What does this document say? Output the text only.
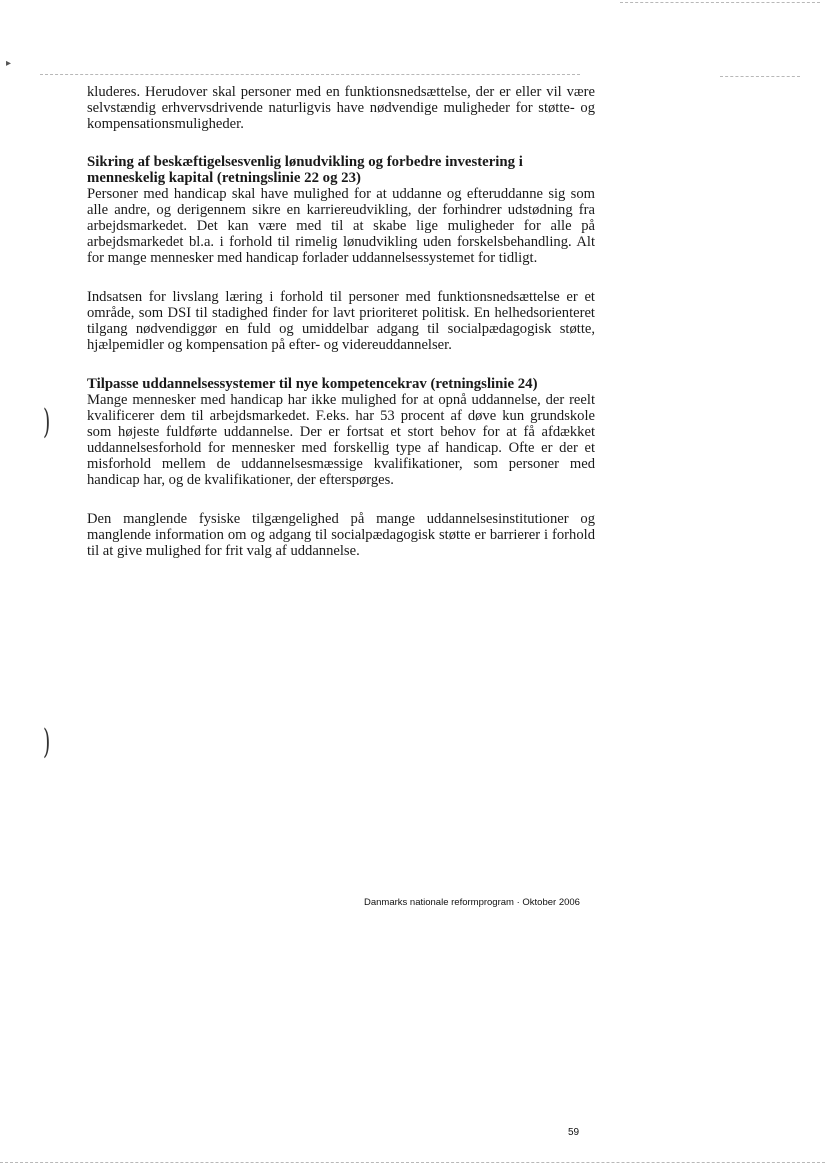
▸
)
)

kluderes. Herudover skal personer med en funktionsnedsættelse, der er eller vil være selvstændig erhvervsdrivende naturligvis have nødvendige muligheder for støtte- og kompensationsmuligheder.

Sikring af beskæftigelsesvenlig lønudvikling og forbedre investering i menneskelig kapital (retningslinie 22 og 23)

Personer med handicap skal have mulighed for at uddanne og efteruddanne sig som alle andre, og derigennem sikre en karriereudvikling, der forhindrer udstødning fra arbejdsmarkedet. Det kan være med til at skabe lige muligheder for alle på arbejdsmarkedet bl.a. i forhold til rimelig lønudvikling uden forskelsbehandling. Alt for mange mennesker med handicap forlader uddannelsessystemet for tidligt.

Indsatsen for livslang læring i forhold til personer med funktionsnedsættelse er et område, som DSI til stadighed finder for lavt prioriteret politisk. En helhedsorienteret tilgang nødvendiggør en fuld og umiddelbar adgang til socialpædagogisk støtte, hjælpemidler og kompensation på efter- og videreuddannelser.

Tilpasse uddannelsessystemer til nye kompetencekrav (retningslinie 24)

Mange mennesker med handicap har ikke mulighed for at opnå uddannelse, der reelt kvalificerer dem til arbejdsmarkedet. F.eks. har 53 procent af døve kun grundskole som højeste fuldførte uddannelse. Der er fortsat et stort behov for at få afdækket uddannelsesforhold for mennesker med forskellig type af handicap. Ofte er der et misforhold mellem de uddannelsesmæssige kvalifikationer, som personer med handicap har, og de kvalifikationer, der efterspørges.

Den manglende fysiske tilgængelighed på mange uddannelsesinstitutioner og manglende information om og adgang til socialpædagogisk støtte er barrierer i forhold til at give mulighed for frit valg af uddannelse.

Danmarks nationale reformprogram · Oktober 2006
59
